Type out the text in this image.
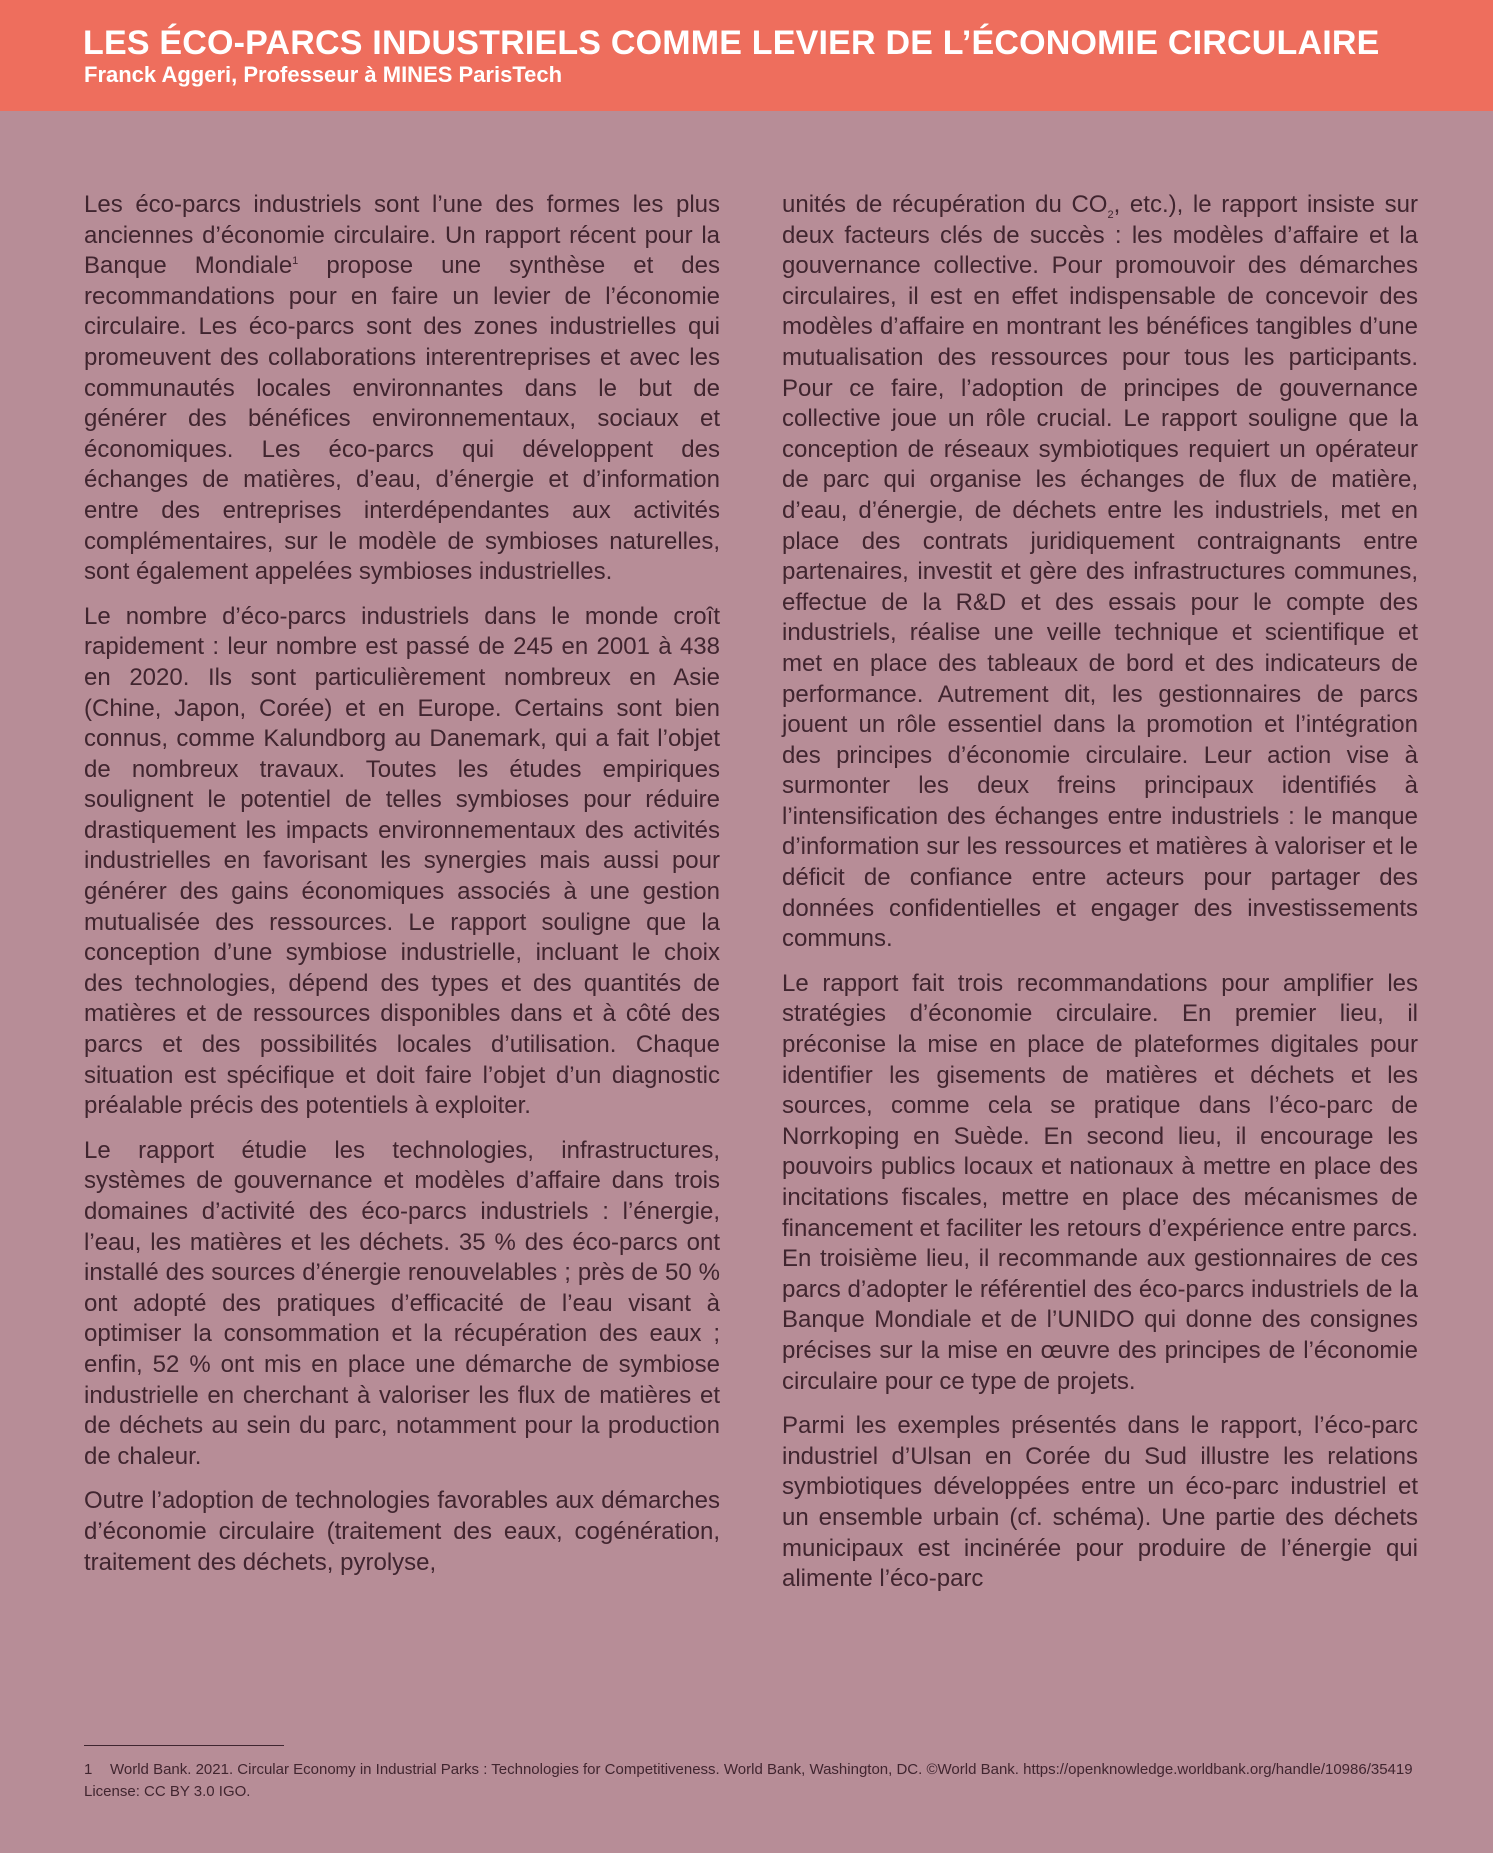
LES ÉCO-PARCS INDUSTRIELS COMME LEVIER DE L’ÉCONOMIE CIRCULAIRE
Franck Aggeri, Professeur à MINES ParisTech

Les éco-parcs industriels sont l’une des formes les plus anciennes d’économie circulaire. Un rapport récent pour la Banque Mondiale$^1$ propose une synthèse et des recommandations pour en faire un levier de l’économie circulaire. Les éco-parcs sont des zones industrielles qui promeuvent des collaborations interentreprises et avec les communautés locales environnantes dans le but de générer des bénéfices environnementaux, sociaux et économiques. Les éco-parcs qui développent des échanges de matières, d’eau, d’énergie et d’information entre des entreprises interdépendantes aux activités complémentaires, sur le modèle de symbioses naturelles, sont également appelées symbioses industrielles.

Le nombre d’éco-parcs industriels dans le monde croît rapidement : leur nombre est passé de 245 en 2001 à 438 en 2020. Ils sont particulièrement nombreux en Asie (Chine, Japon, Corée) et en Europe. Certains sont bien connus, comme Kalundborg au Danemark, qui a fait l’objet de nombreux travaux. Toutes les études empiriques soulignent le potentiel de telles symbioses pour réduire drastiquement les impacts environnementaux des activités industrielles en favorisant les synergies mais aussi pour générer des gains économiques associés à une gestion mutualisée des ressources. Le rapport souligne que la conception d’une symbiose industrielle, incluant le choix des technologies, dépend des types et des quantités de matières et de ressources disponibles dans et à côté des parcs et des possibilités locales d’utilisation. Chaque situation est spécifique et doit faire l’objet d’un diagnostic préalable précis des potentiels à exploiter.

Le rapport étudie les technologies, infrastructures, systèmes de gouvernance et modèles d’affaire dans trois domaines d’activité des éco-parcs industriels : l’énergie, l’eau, les matières et les déchets. 35 % des éco-parcs ont installé des sources d’énergie renouvelables ; près de 50 % ont adopté des pratiques d’efficacité de l’eau visant à optimiser la consommation et la récupération des eaux ; enfin, 52 % ont mis en place une démarche de symbiose industrielle en cherchant à valoriser les flux de matières et de déchets au sein du parc, notamment pour la production de chaleur.

Outre l’adoption de technologies favorables aux démarches d’économie circulaire (traitement des eaux, cogénération, traitement des déchets, pyrolyse,

unités de récupération du $CO_2$, etc.), le rapport insiste sur deux facteurs clés de succès : les modèles d’affaire et la gouvernance collective. Pour promouvoir des démarches circulaires, il est en effet indispensable de concevoir des modèles d’affaire en montrant les bénéfices tangibles d’une mutualisation des ressources pour tous les participants. Pour ce faire, l’adoption de principes de gouvernance collective joue un rôle crucial. Le rapport souligne que la conception de réseaux symbiotiques requiert un opérateur de parc qui organise les échanges de flux de matière, d’eau, d’énergie, de déchets entre les industriels, met en place des contrats juridiquement contraignants entre partenaires, investit et gère des infrastructures communes, effectue de la R&D et des essais pour le compte des industriels, réalise une veille technique et scientifique et met en place des tableaux de bord et des indicateurs de performance. Autrement dit, les gestionnaires de parcs jouent un rôle essentiel dans la promotion et l’intégration des principes d’économie circulaire. Leur action vise à surmonter les deux freins principaux identifiés à l’intensification des échanges entre industriels : le manque d’information sur les ressources et matières à valoriser et le déficit de confiance entre acteurs pour partager des données confidentielles et engager des investissements communs.

Le rapport fait trois recommandations pour amplifier les stratégies d’économie circulaire. En premier lieu, il préconise la mise en place de plateformes digitales pour identifier les gisements de matières et déchets et les sources, comme cela se pratique dans l’éco-parc de Norrkoping en Suède. En second lieu, il encourage les pouvoirs publics locaux et nationaux à mettre en place des incitations fiscales, mettre en place des mécanismes de financement et faciliter les retours d’expérience entre parcs. En troisième lieu, il recommande aux gestionnaires de ces parcs d’adopter le référentiel des éco-parcs industriels de la Banque Mondiale et de l’UNIDO qui donne des consignes précises sur la mise en œuvre des principes de l’économie circulaire pour ce type de projets.

Parmi les exemples présentés dans le rapport, l’éco-parc industriel d’Ulsan en Corée du Sud illustre les relations symbiotiques développées entre un éco-parc industriel et un ensemble urbain (cf. schéma). Une partie des déchets municipaux est incinérée pour produire de l’énergie qui alimente l’éco-parc

1 World Bank. 2021. Circular Economy in Industrial Parks : Technologies for Competitiveness. World Bank, Washington, DC. ©World Bank. https://openknowledge.worldbank.org/handle/10986/35419 License: CC BY 3.0 IGO.
